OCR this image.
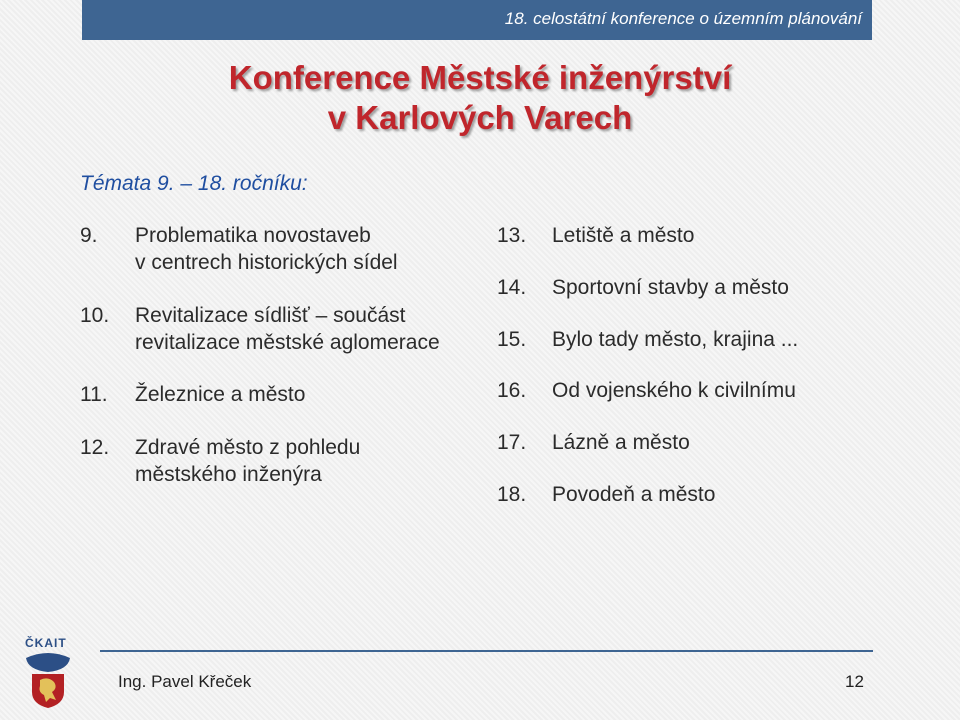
18. celostátní konference o územním plánování
Konference Městské inženýrství
v Karlových Varech
Témata 9. – 18. ročníku:
9.	Problematika novostaveb
v centrech historických sídel
10.	Revitalizace sídlišť – součást
revitalizace městské aglomerace
11.	Železnice a město
12.	Zdravé město z pohledu
městského inženýra
13.	Letiště a město
14.	Sportovní stavby a město
15.	Bylo tady město, krajina ...
16.	Od vojenského k civilnímu
17.	Lázně a město
18.	Povodeň a město
ČKAIT
Ing. Pavel Křeček	12
